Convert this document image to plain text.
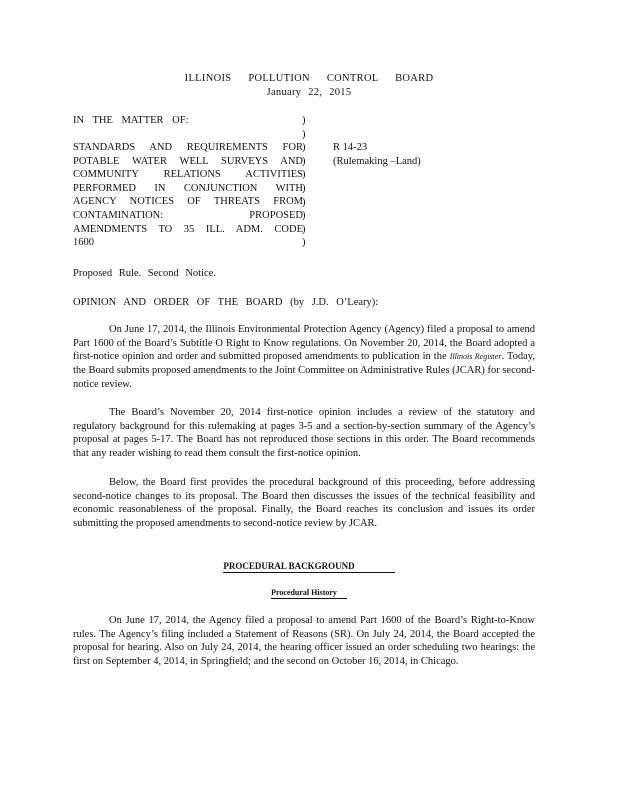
ILLINOIS POLLUTION CONTROL BOARD
January 22, 2015
IN THE MATTER OF:
STANDARDS AND REQUIREMENTS FOR POTABLE WATER WELL SURVEYS AND COMMUNITY RELATIONS ACTIVITIES PERFORMED IN CONJUNCTION WITH AGENCY NOTICES OF THREATS FROM CONTAMINATION: PROPOSED AMENDMENTS TO 35 ILL. ADM. CODE 1600
)
)
)
)
)
)
)
)
)
)
R 14-23
(Rulemaking –Land)
Proposed Rule. Second Notice.
OPINION AND ORDER OF THE BOARD (by J.D. O’Leary):
On June 17, 2014, the Illinois Environmental Protection Agency (Agency) filed a proposal to amend Part 1600 of the Board’s Subtitle O Right to Know regulations. On November 20, 2014, the Board adopted a first-notice opinion and order and submitted proposed amendments to publication in the Illinois Register. Today, the Board submits proposed amendments to the Joint Committee on Administrative Rules (JCAR) for second-notice review.
The Board’s November 20, 2014 first-notice opinion includes a review of the statutory and regulatory background for this rulemaking at pages 3-5 and a section-by-section summary of the Agency’s proposal at pages 5-17. The Board has not reproduced those sections in this order. The Board recommends that any reader wishing to read them consult the first-notice opinion.
Below, the Board first provides the procedural background of this proceeding, before addressing second-notice changes to its proposal. The Board then discusses the issues of the technical feasibility and economic reasonableness of the proposal. Finally, the Board reaches its conclusion and issues its order submitting the proposed amendments to second-notice review by JCAR.
PROCEDURAL BACKGROUND
Procedural History
On June 17, 2014, the Agency filed a proposal to amend Part 1600 of the Board’s Right-to-Know rules. The Agency’s filing included a Statement of Reasons (SR). On July 24, 2014, the Board accepted the proposal for hearing. Also on July 24, 2014, the hearing officer issued an order scheduling two hearings: the first on September 4, 2014, in Springfield; and the second on October 16, 2014, in Chicago.
